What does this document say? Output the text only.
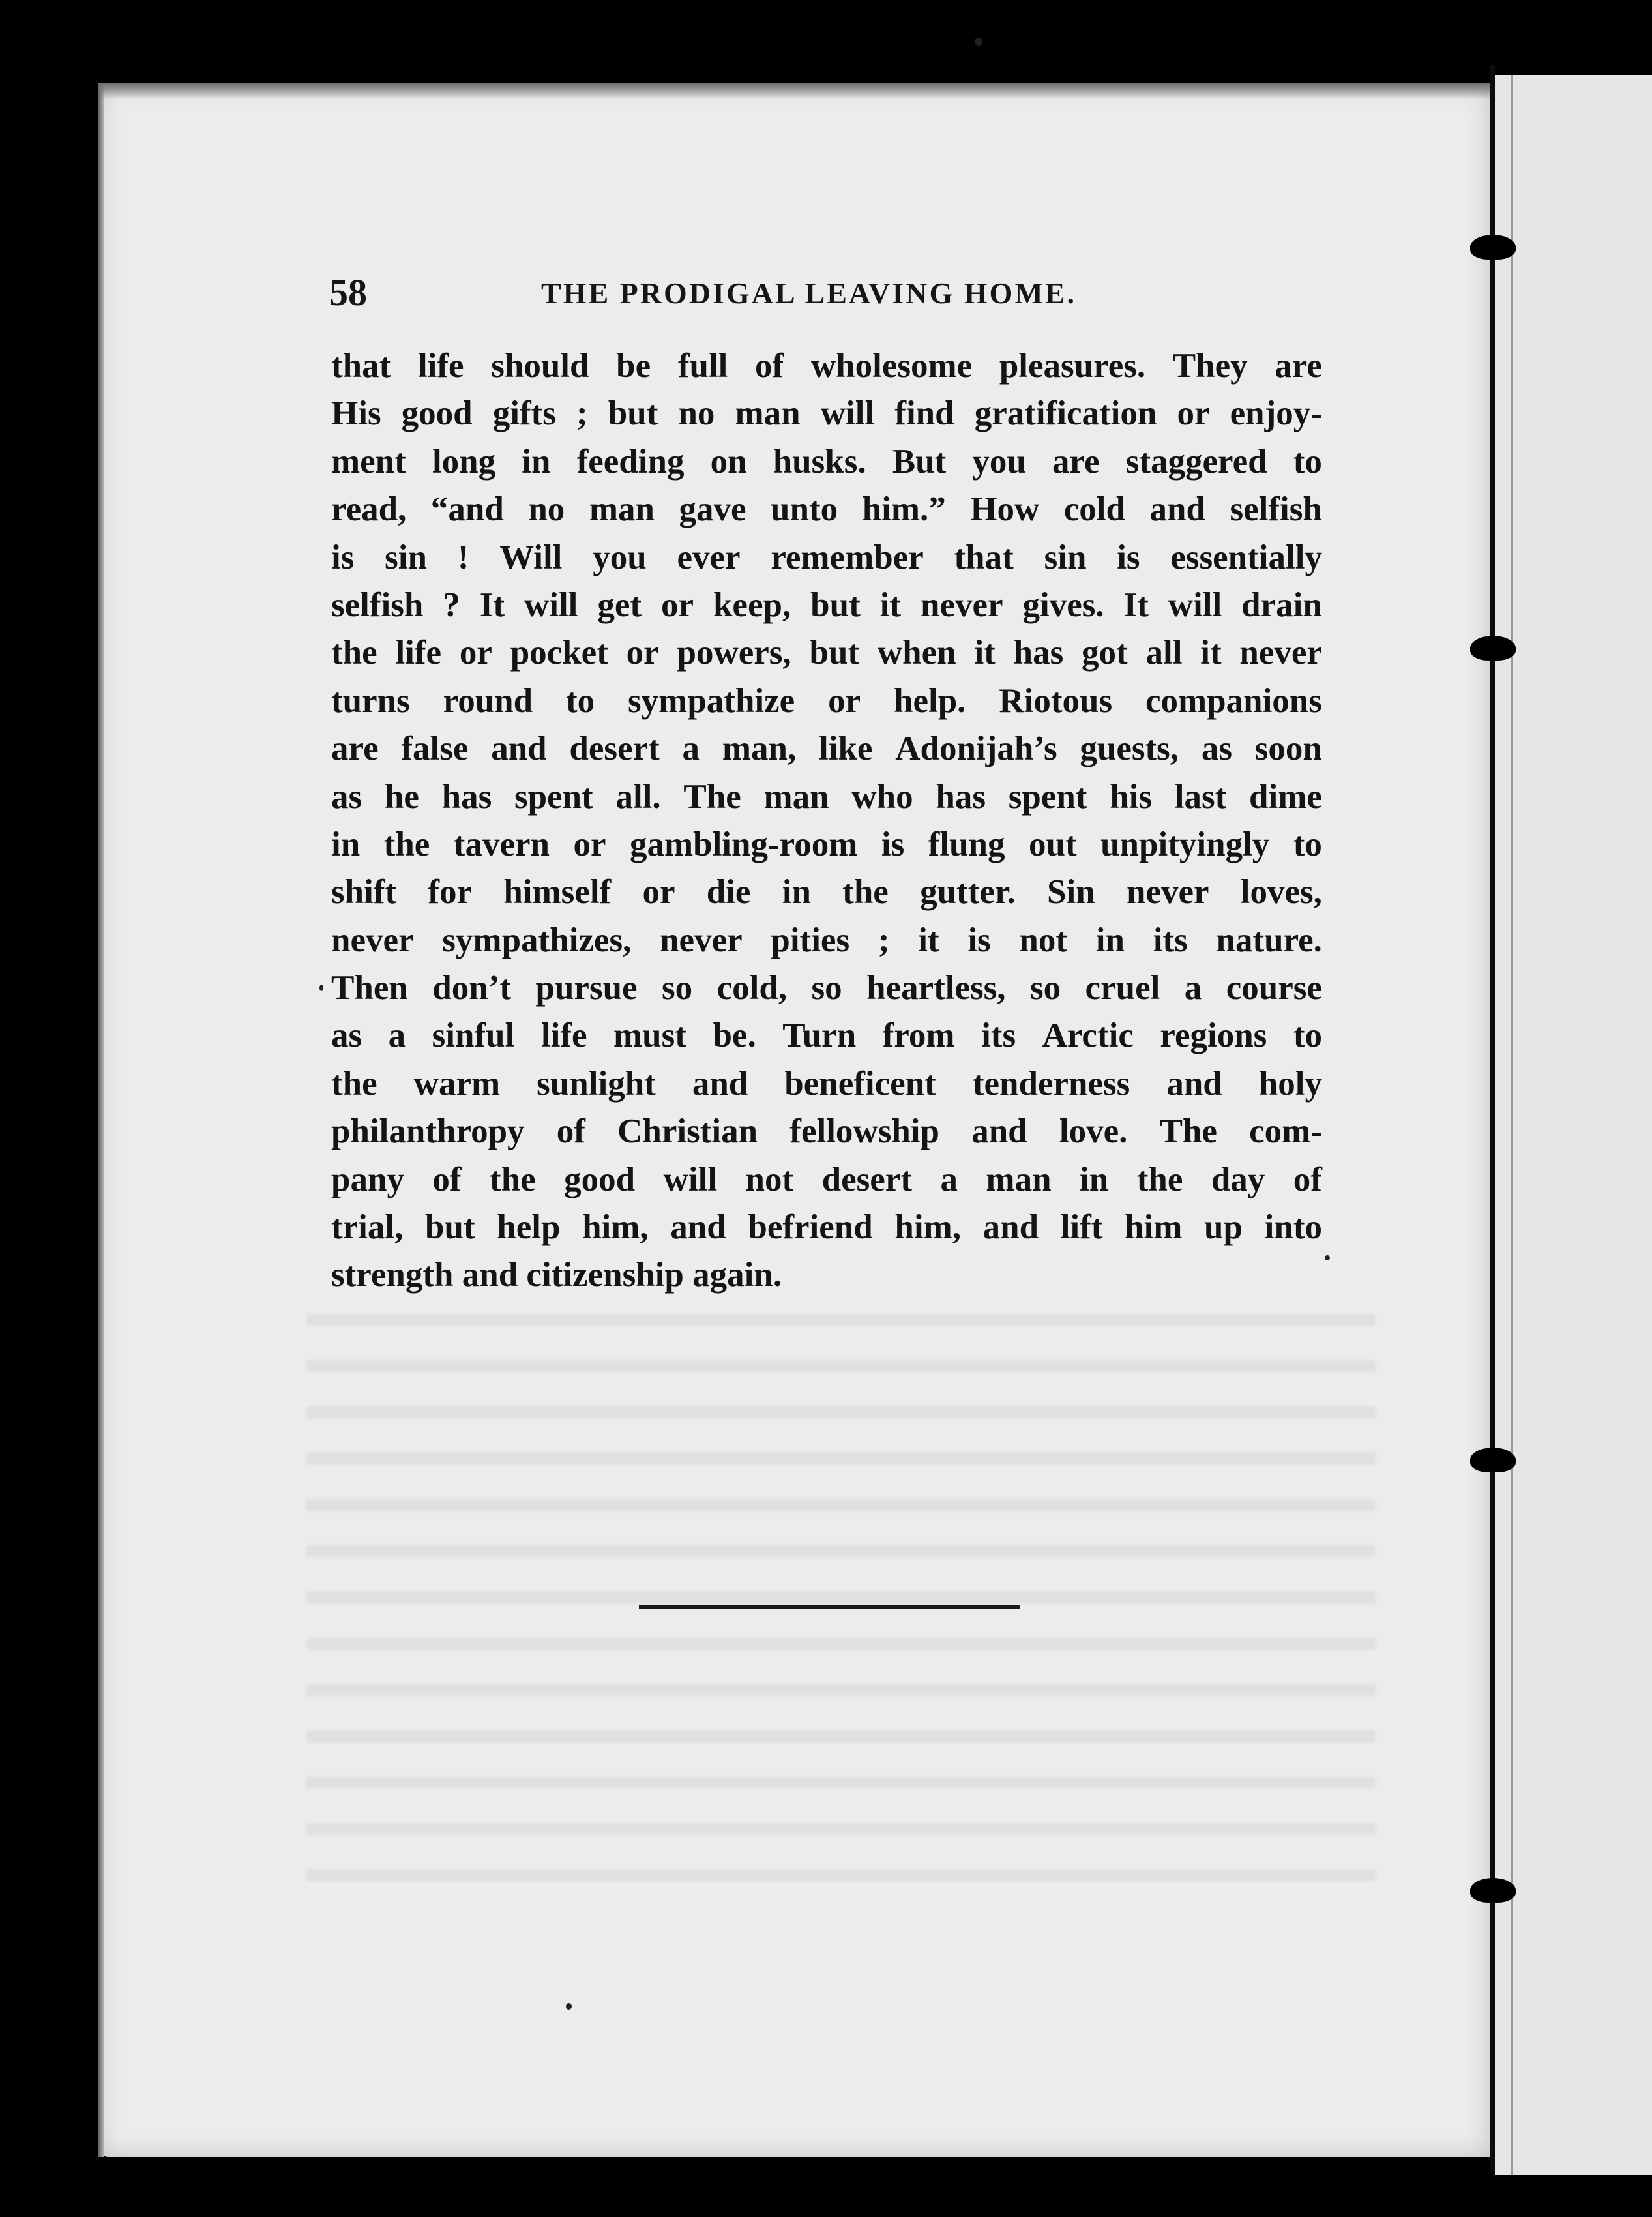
58	THE PRODIGAL LEAVING HOME.
that life should be full of wholesome pleasures. They are
His good gifts ; but no man will find gratification or enjoy-
ment long in feeding on husks. But you are staggered to
read, “and no man gave unto him.” How cold and selfish
is sin ! Will you ever remember that sin is essentially
selfish ? It will get or keep, but it never gives. It will drain
the life or pocket or powers, but when it has got all it never
turns round to sympathize or help. Riotous companions
are false and desert a man, like Adonijah’s guests, as soon
as he has spent all. The man who has spent his last dime
in the tavern or gambling-room is flung out unpityingly to
shift for himself or die in the gutter. Sin never loves,
never sympathizes, never pities ; it is not in its nature.
Then don’t pursue so cold, so heartless, so cruel a course
as a sinful life must be. Turn from its Arctic regions to
the warm sunlight and beneficent tenderness and holy
philanthropy of Christian fellowship and love. The com-
pany of the good will not desert a man in the day of
trial, but help him, and befriend him, and lift him up into
strength and citizenship again.
